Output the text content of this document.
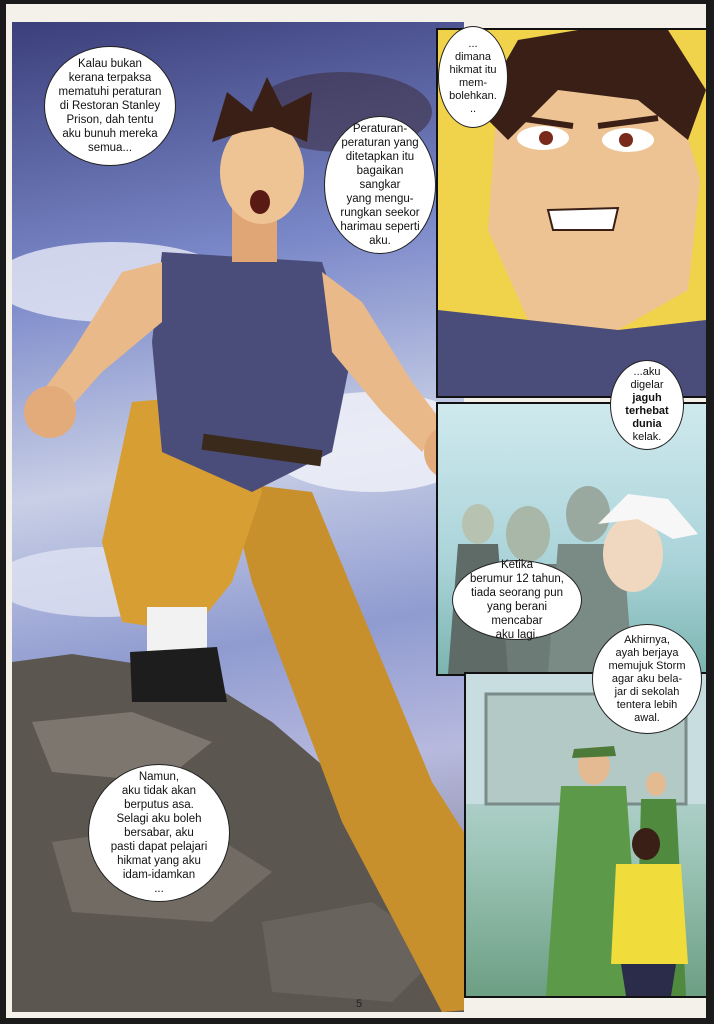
Kalau bukan
kerana terpaksa
mematuhi peraturan
di Restoran Stanley
Prison, dah tentu
aku bunuh mereka
semua...
Peraturan-
peraturan yang
ditetapkan itu
bagaikan sangkar
yang mengu-
rungkan seekor
harimau seperti
aku.
...
dimana
hikmat itu
mem-
bolehkan.
..
...aku
digelar
jaguh
terhebat
dunia
kelak.
Ketika
berumur 12 tahun,
tiada seorang pun
yang berani mencabar
aku lagi.	Akhirnya,
ayah berjaya
memujuk Storm
agar aku bela-
jar di sekolah
tentera lebih
awal.
Namun,
aku tidak akan
berputus asa.
Selagi aku boleh
bersabar, aku
pasti dapat pelajari
hikmat yang aku
idam-idamkan
...
5
